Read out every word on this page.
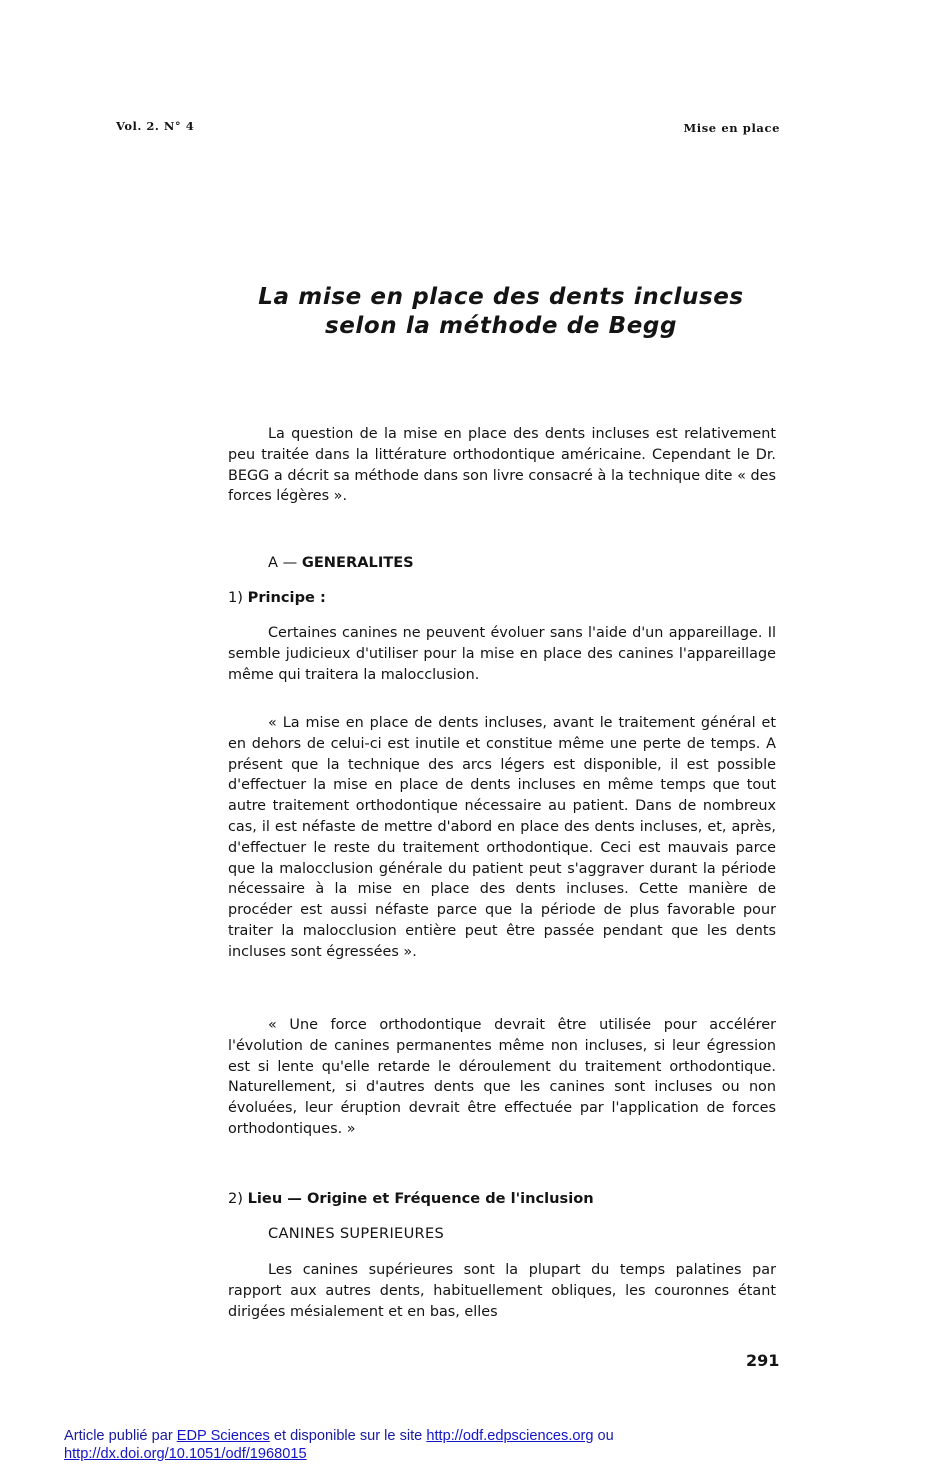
Vol. 2. N° 4	Mise en place
La mise en place des dents incluses
selon la méthode de Begg
La question de la mise en place des dents incluses est relativement peu traitée dans la littérature orthodontique américaine. Cependant le Dr. BEGG a décrit sa méthode dans son livre consacré à la technique dite « des forces légères ».
A — GENERALITES
1) Principe :
Certaines canines ne peuvent évoluer sans l'aide d'un appareillage. Il semble judicieux d'utiliser pour la mise en place des canines l'appareillage même qui traitera la malocclusion.
« La mise en place de dents incluses, avant le traitement général et en dehors de celui-ci est inutile et constitue même une perte de temps. A présent que la technique des arcs légers est disponible, il est possible d'effectuer la mise en place de dents incluses en même temps que tout autre traitement orthodontique nécessaire au patient. Dans de nombreux cas, il est néfaste de mettre d'abord en place des dents incluses, et, après, d'effectuer le reste du traitement orthodontique. Ceci est mauvais parce que la malocclusion générale du patient peut s'aggraver durant la période nécessaire à la mise en place des dents incluses. Cette manière de procéder est aussi néfaste parce que la période de plus favorable pour traiter la malocclusion entière peut être passée pendant que les dents incluses sont égressées ».
« Une force orthodontique devrait être utilisée pour accélérer l'évolution de canines permanentes même non incluses, si leur égression est si lente qu'elle retarde le déroulement du traitement orthodontique. Naturellement, si d'autres dents que les canines sont incluses ou non évoluées, leur éruption devrait être effectuée par l'application de forces orthodontiques. »
2) Lieu — Origine et Fréquence de l'inclusion
CANINES SUPERIEURES
Les canines supérieures sont la plupart du temps palatines par rapport aux autres dents, habituellement obliques, les couronnes étant dirigées mésialement et en bas, elles
291
Article publié par EDP Sciences et disponible sur le site http://odf.edpsciences.org ou
http://dx.doi.org/10.1051/odf/1968015
